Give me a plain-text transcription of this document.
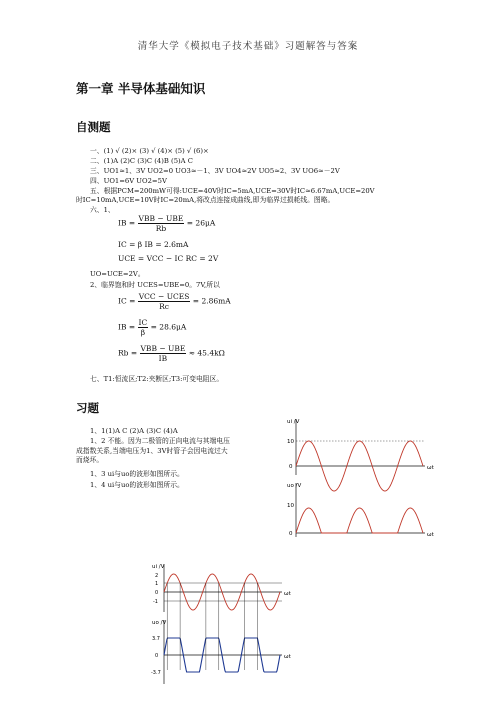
清华大学《模拟电子技术基础》习题解答与答案
第一章 半导体基础知识
自测题
一、(1) √ (2)× (3) √ (4)× (5) √ (6)×
二、(1)A (2)C (3)C (4)B (5)A C
三、UO1≈1、3V UO2=0 UO3≈－1、3V UO4≈2V UO5≈2、3V UO6≈－2V
四、UO1=6V UO2=5V
五、根据PCM=200mW可得:UCE=40V时IC=5mA,UCE=30V时IC≈6.67mA,UCE=20V
时IC=10mA,UCE=10V时IC=20mA,将改点连接成曲线,即为临界过损耗线。图略。
六、1、
IB = $\frac{\text{VBB − UBE}}{Rb} = 26\mu A$
IC = β IB = 2.6mA
UCE = VCC − IC RC = 2V
UO=UCE=2V。
2、临界饱和时 UCES=UBE=0。7V,所以
IC = $\frac{\text{VCC − UCES}}{Rc} = 2.86mA$
IB = $\frac{IC}{\beta} = 28.6\mu A$
$Rb = \frac{\text{VBB − UBE}}{IB} \approx 45.4k\Omega$
七、T1:恒流区;T2:夹断区;T3:可变电阻区。
习题
1、1(1)A C (2)A (3)C (4)A
1、2 不能。因为二极管的正向电流与其端电压
成指数关系,当端电压为1、3V时管子会因电流过大
而烧坏。
1、3 ui与uo的波形如图所示。
1、4 ui与uo的波形如图所示。
ui /V
10
0	ωt
uo /V
10
0	ωt
ui /V
2
1
0
-1
ωt
uo /V
3.7
0
-3.7
ωt
